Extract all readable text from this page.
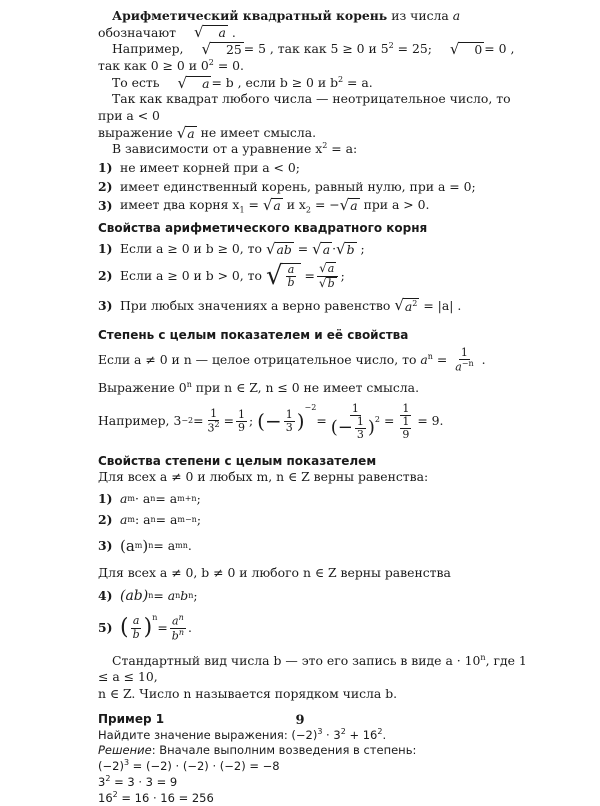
Арифметический квадратный корень из числа a обозначают	√	a .

Например,	√	25 = 5 , так как 5 ≥ 0 и $5^2 = 25$;	√	0 = 0 , так как 0 ≥ 0 и $0^2 = 0$.

То есть	√	a = b , если b ≥ 0 и $b^2 = a$.

Так как квадрат любого числа — неотрицательное число, то при a < 0

выражение √ a не имеет смысла.

В зависимости от a уравнение $x^2 = a$:

1) не имеет корней при a < 0;
2) имеет единственный корень, равный нулю, при a = 0;
3) имеет два корня $x_1$ = √ a и $x_2$ = − √ a при a > 0.
Свойства арифметического квадратного корня
1) Если a ≥ 0 и b ≥ 0, то
√ ab
=
√ a · √ b
;
2) Если a ≥ 0 и b > 0, то
√ $\frac{a}{b}$
= $\frac{√ a}{√ b}$ ;
3) При любых значениях a верно равенство
√ $a^2$
= |a| .
Степень с целым показателем и её свойства

Если a ≠ 0 и n — целое отрицательное число, то $a^n = \frac{1}{a^{-n}}$ .

Выражение 0$^n$ при n ∈ Z, n ≤ 0 не имеет смысла.

Например,
$3 -2 = \frac{1}{3^2} = \frac{1}{9}$ ;
(− $\frac{1}{3}$ )
$^{-2}$
= $\frac{1}{(- \frac{1}{3} )^2} = \frac{1}{\frac{1}{9}} = 9$.

Свойства степени с целым показателем

Для всех a ≠ 0 и любых m, n ∈ Z верны равенства:

1) a m · a n = a m+n ;
2) a m : a n = a m−n ;
3) (a m ) n = a mn .

Для всех a ≠ 0, b ≠ 0 и любого n ∈ Z верны равенства

4) (ab) n = a n b n ;
5) ( $\frac{a}{b} )^n$
= $\frac{a^n}{b^n}$ .

Стандартный вид числа b — это его запись в виде $a \cdot 10^n$, где 1 ≤ a ≤ 10,

n ∈ Z. Число n называется порядком числа b.

Пример 1

Найдите значение выражения: $(-2)^3 \cdot 3^2 + 16^2$.

Решение: Вначале выполним возведения в степень:

$(-2)^3 = (-2) \cdot (-2) \cdot (-2) = -8$

$3^2 = 3 \cdot 3 = 9$

$16^2 = 16 \cdot 16 = 256$

9
